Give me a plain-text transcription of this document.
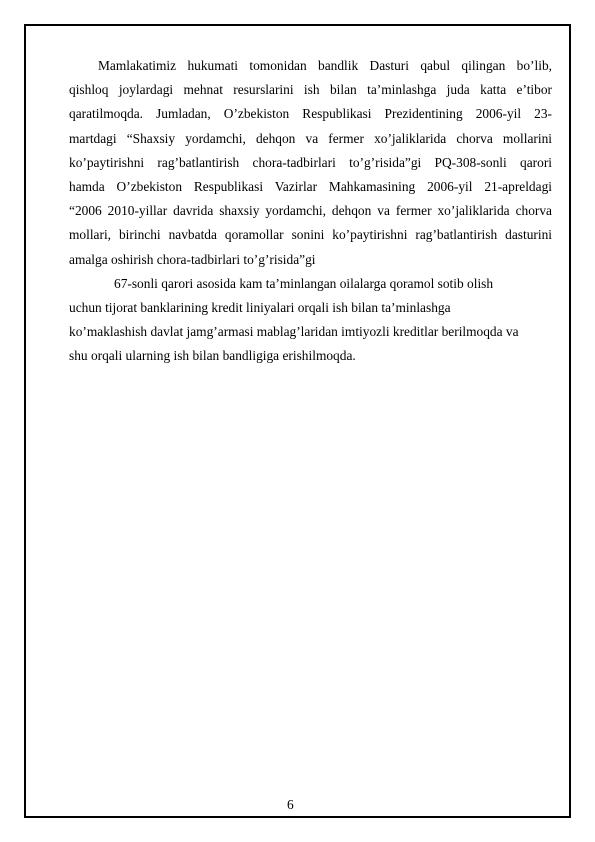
Mamlakatimiz hukumati tomonidan bandlik Dasturi qabul qilingan bo’lib,
qishloq joylardagi mehnat resurslarini ish bilan ta’minlashga juda katta e’tibor
qaratilmoqda. Jumladan, O’zbekiston Respublikasi Prezidentining 2006-yil 23-
martdagi “Shaxsiy yordamchi, dehqon va fermer xo’jaliklarida chorva mollarini
ko’paytirishni rag’batlantirish chora-tadbirlari to’g’risida”gi PQ-308-sonli qarori
hamda O’zbekiston Respublikasi Vazirlar Mahkamasining 2006-yil 21-apreldagi
“2006 2010-yillar davrida shaxsiy yordamchi, dehqon va fermer xo’jaliklarida chorva
mollari, birinchi navbatda qoramollar sonini ko’paytirishni rag’batlantirish dasturini
amalga oshirish chora-tadbirlari to’g’risida”gi
67-sonli qarori asosida kam ta’minlangan oilalarga qoramol sotib olish
uchun tijorat banklarining kredit liniyalari orqali ish bilan ta’minlashga
ko’maklashish davlat jamg’armasi mablag’laridan imtiyozli kreditlar berilmoqda va
shu orqali ularning ish bilan bandligiga erishilmoqda.
6
